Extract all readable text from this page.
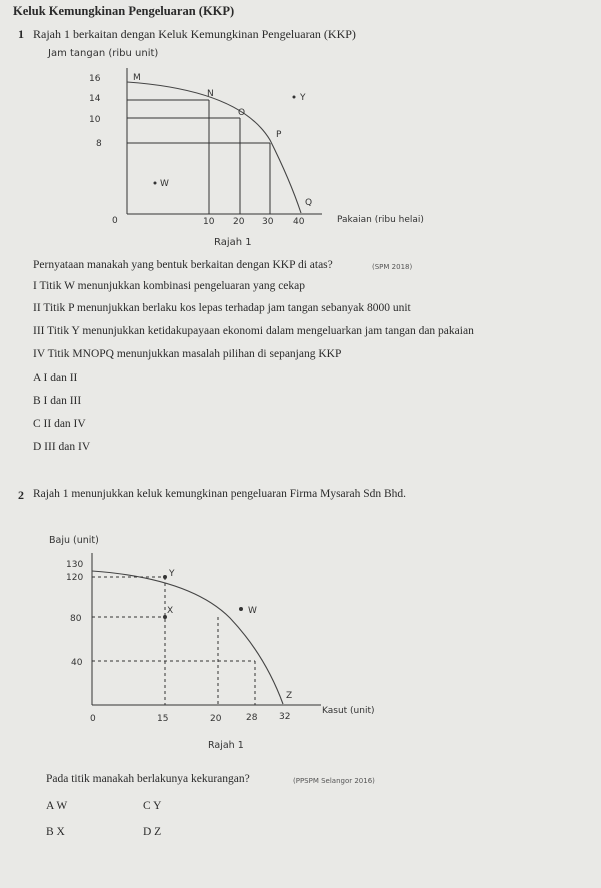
Keluk Kemungkinan Pengeluaran (KKP)
1 Rajah 1 berkaitan dengan Keluk Kemungkinan Pengeluaran (KKP)
Jam tangan (ribu unit)
16
14
10
8
0	10 20 30 40
M
N
O
P
Q
W
Y
Pakaian (ribu helai)
Rajah 1
Pernyataan manakah yang bentuk berkaitan dengan KKP di atas?	(SPM 2018)
I Titik W menunjukkan kombinasi pengeluaran yang cekap
II Titik P menunjukkan berlaku kos lepas terhadap jam tangan sebanyak 8000 unit
III Titik Y menunjukkan ketidakupayaan ekonomi dalam mengeluarkan jam tangan dan pakaian
IV Titik MNOPQ menunjukkan masalah pilihan di sepanjang KKP
A I dan II
B I dan III
C II dan IV
D III dan IV
2 Rajah 1 menunjukkan keluk kemungkinan pengeluaran Firma Mysarah Sdn Bhd.
Baju (unit)
130
120
80
40
0	15	20	28 32
Y
X	W
Z
Kasut (unit)
Rajah 1
Pada titik manakah berlakunya kekurangan?	(PPSPM Selangor 2016)
A W
B X
C Y
D Z
